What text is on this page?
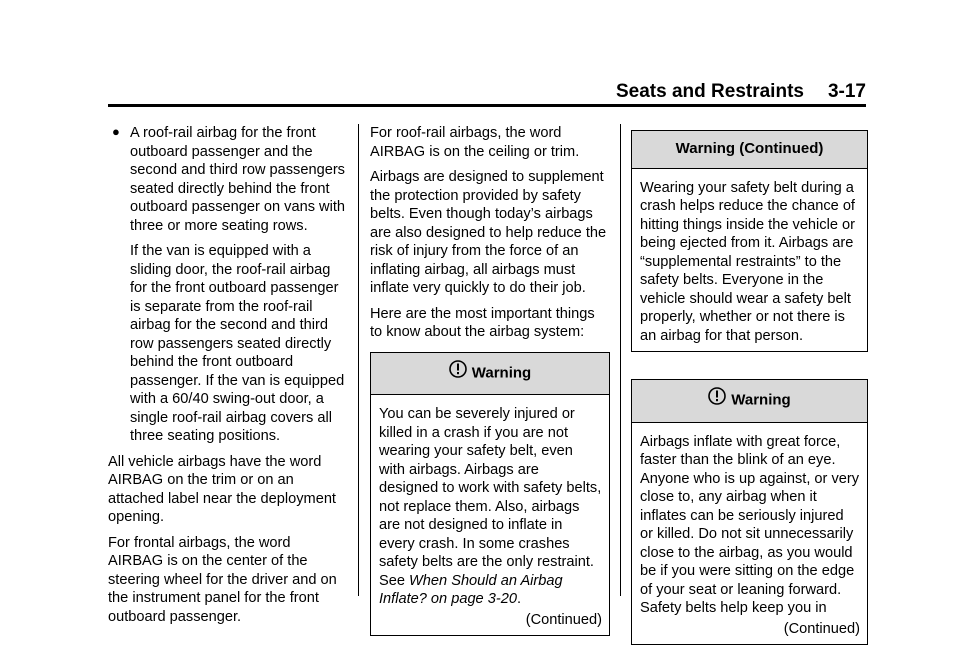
Seats and Restraints 3-17
● A roof-rail airbag for the front outboard passenger and the second and third row passengers seated directly behind the front outboard passenger on vans with three or more seating rows.

If the van is equipped with a sliding door, the roof-rail airbag for the front outboard passenger is separate from the roof-rail airbag for the second and third row passengers seated directly behind the front outboard passenger. If the van is equipped with a 60/40 swing-out door, a single roof-rail airbag covers all three seating positions.

All vehicle airbags have the word AIRBAG on the trim or on an attached label near the deployment opening.

For frontal airbags, the word AIRBAG is on the center of the steering wheel for the driver and on the instrument panel for the front outboard passenger.

For roof-rail airbags, the word AIRBAG is on the ceiling or trim.

Airbags are designed to supplement the protection provided by safety belts. Even though today’s airbags are also designed to help reduce the risk of injury from the force of an inflating airbag, all airbags must inflate very quickly to do their job.

Here are the most important things to know about the airbag system:

Warning
You can be severely injured or killed in a crash if you are not wearing your safety belt, even with airbags. Airbags are designed to work with safety belts, not replace them. Also, airbags are not designed to inflate in every crash. In some crashes safety belts are the only restraint. See When Should an Airbag Inflate? on page 3-20.
(Continued)
Warning (Continued)
Wearing your safety belt during a crash helps reduce the chance of hitting things inside the vehicle or being ejected from it. Airbags are “supplemental restraints” to the safety belts. Everyone in the vehicle should wear a safety belt properly, whether or not there is an airbag for that person.
Warning
Airbags inflate with great force, faster than the blink of an eye. Anyone who is up against, or very close to, any airbag when it inflates can be seriously injured or killed. Do not sit unnecessarily close to the airbag, as you would be if you were sitting on the edge of your seat or leaning forward. Safety belts help keep you in
(Continued)
